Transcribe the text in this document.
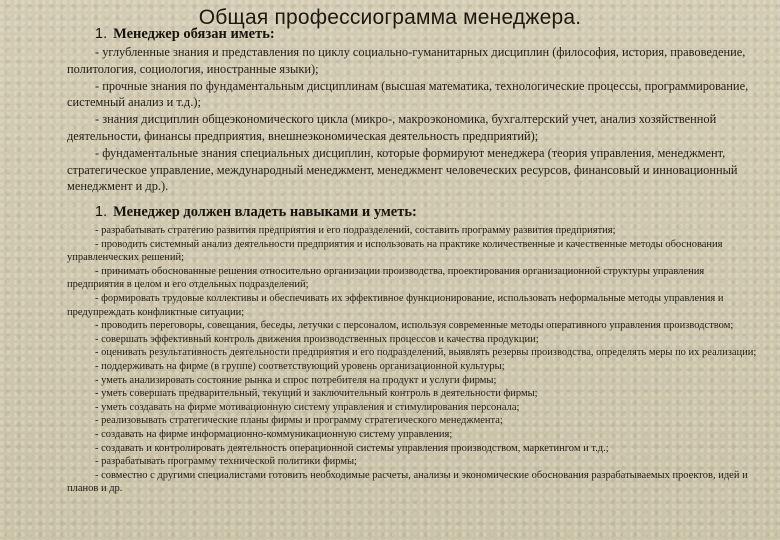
Общая профессиограмма менеджера.
1. Менеджер обязан иметь:

- углубленные знания и представления по циклу социально-гуманитарных дисциплин (философия, история, правоведение, политология, социология, иностранные языки);

- прочные знания по фундаментальным дисциплинам (высшая математика, технологические процессы, программирование, системный анализ и т.д.);

- знания дисциплин общеэкономического цикла (микро-, макроэкономика, бухгалтерский учет, анализ хозяйственной деятельности, финансы предприятия, внешнеэкономическая деятельность предприятий);

- фундаментальные знания специальных дисциплин, которые формируют менеджера (теория управления, менеджмент, стратегическое управление, международный менеджмент, менеджмент человеческих ресурсов, финансовый и инновационный менеджмент и др.).

1. Менеджер должен владеть навыками и уметь:

- разрабатывать стратегию развития предприятия и его подразделений, составить программу развития предприятия;

- проводить системный анализ деятельности предприятия и использовать на практике количественные и качественные методы обоснования управленческих решений;

- принимать обоснованные решения относительно организации производства, проектирования организационной структуры управления предприятия в целом и его отдельных подразделений;

- формировать трудовые коллективы и обеспечивать их эффективное функционирование, использовать неформальные методы управления и предупреждать конфликтные ситуации;

- проводить переговоры, совещания, беседы, летучки с персоналом, используя современные методы оперативного управления производством;

- совершать эффективный контроль движения производственных процессов и качества продукции;

- оценивать результативность деятельности предприятия и его подразделений, выявлять резервы производства, определять меры по их реализации;

- поддерживать на фирме (в группе) соответствующий уровень организационной культуры;

- уметь анализировать состояние рынка и спрос потребителя на продукт и услуги фирмы;

- уметь совершать предварительный, текущий и заключительный контроль в деятельности фирмы;

- уметь создавать на фирме мотивационную систему управления и стимулирования персонала;

- реализовывать стратегические планы фирмы и программу стратегического менеджмента;

- создавать на фирме информационно-коммуникационную систему управления;

- создавать и контролировать деятельность операционной системы управления производством, маркетингом и т.д.;

- разрабатывать программу технической политики фирмы;

- совместно с другими специалистами готовить необходимые расчеты, анализы и экономические обоснования разрабатываемых проектов, идей и планов и др.
